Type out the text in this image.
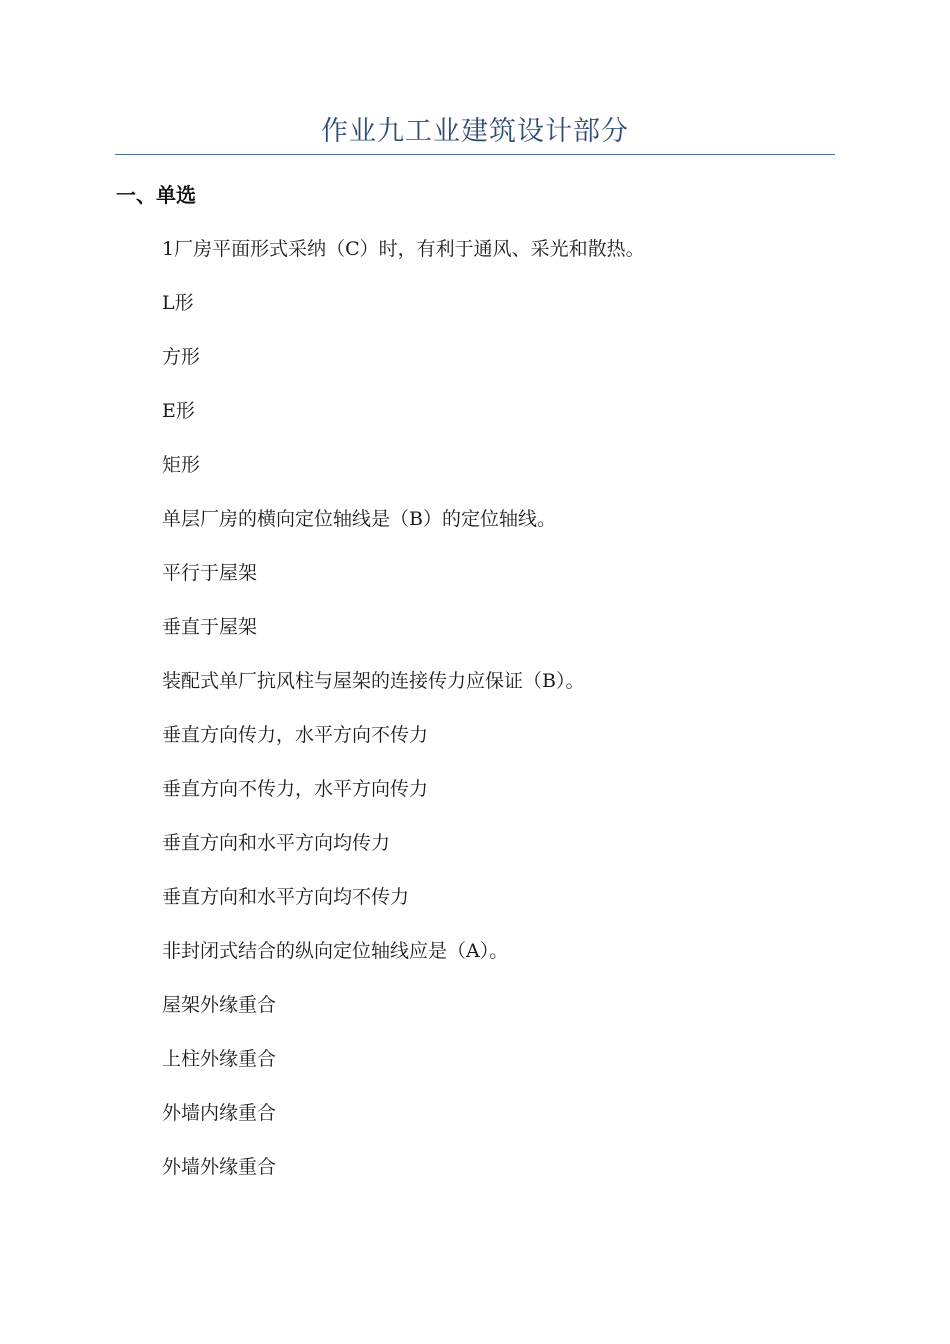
作业九工业建筑设计部分
一、单选
1厂房平面形式采纳（C）时，有利于通风、采光和散热。
L形
方形
E形
矩形
单层厂房的横向定位轴线是（B）的定位轴线。
平行于屋架
垂直于屋架
装配式单厂抗风柱与屋架的连接传力应保证（B）。
垂直方向传力，水平方向不传力
垂直方向不传力，水平方向传力
垂直方向和水平方向均传力
垂直方向和水平方向均不传力
非封闭式结合的纵向定位轴线应是（A）。
屋架外缘重合
上柱外缘重合
外墙内缘重合
外墙外缘重合
